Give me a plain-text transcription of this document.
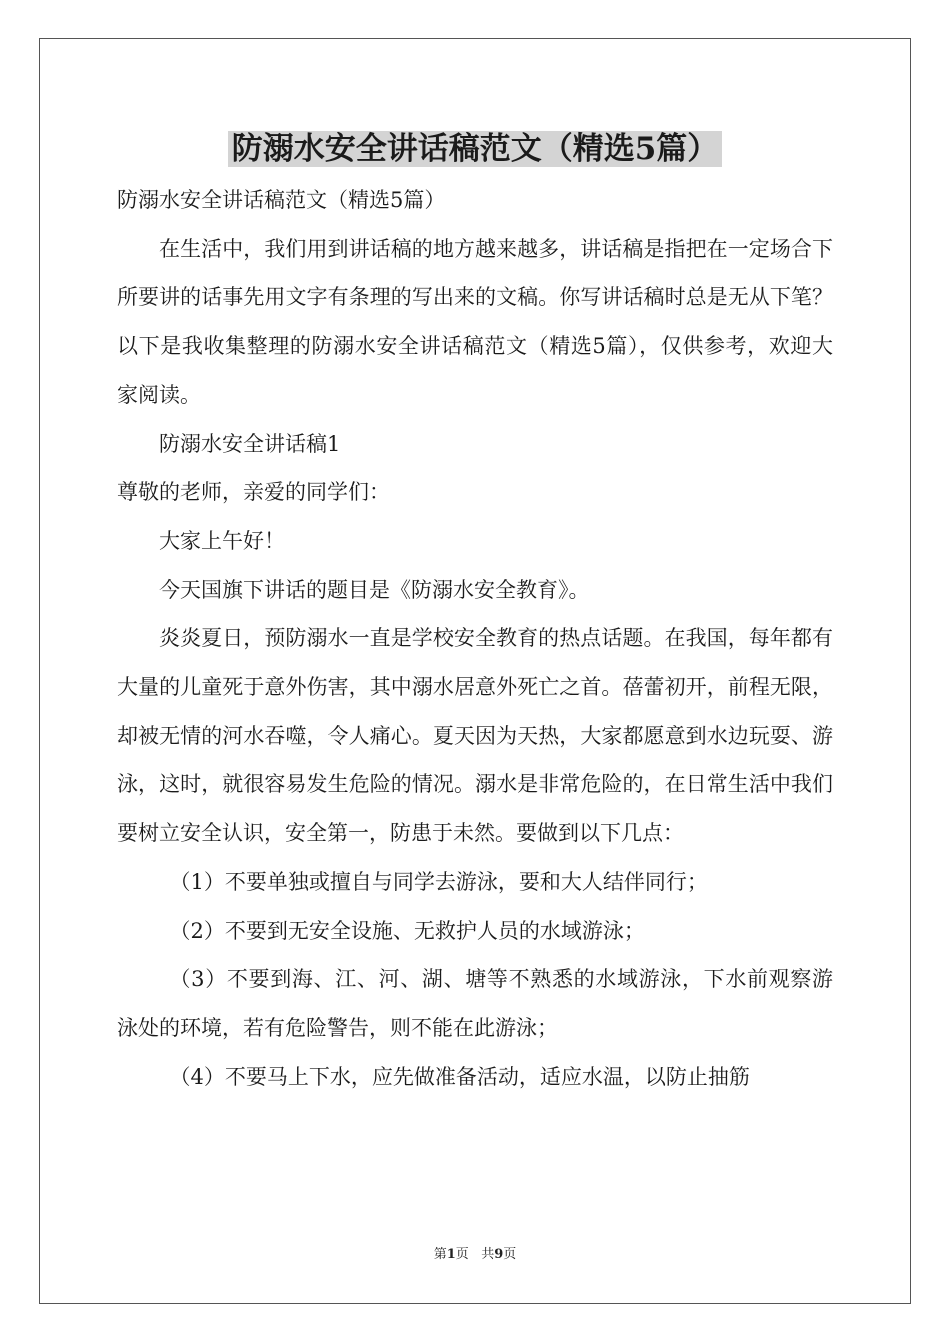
防溺水安全讲话稿范文（精选5篇）

防溺水安全讲话稿范文（精选5篇）

在生活中，我们用到讲话稿的地方越来越多，讲话稿是指把在一定场合下所要讲的话事先用文字有条理的写出来的文稿。你写讲话稿时总是无从下笔？以下是我收集整理的防溺水安全讲话稿范文（精选5篇），仅供参考，欢迎大家阅读。

防溺水安全讲话稿1

尊敬的老师，亲爱的同学们：

大家上午好！

今天国旗下讲话的题目是《防溺水安全教育》。

炎炎夏日，预防溺水一直是学校安全教育的热点话题。在我国，每年都有大量的儿童死于意外伤害，其中溺水居意外死亡之首。蓓蕾初开，前程无限，却被无情的河水吞噬，令人痛心。夏天因为天热，大家都愿意到水边玩耍、游泳，这时，就很容易发生危险的情况。溺水是非常危险的，在日常生活中我们要树立安全认识，安全第一，防患于未然。要做到以下几点：

（1）不要单独或擅自与同学去游泳，要和大人结伴同行；

（2）不要到无安全设施、无救护人员的水域游泳；

（3）不要到海、江、河、湖、塘等不熟悉的水域游泳，下水前观察游泳处的环境，若有危险警告，则不能在此游泳；

（4）不要马上下水，应先做准备活动，适应水温，以防止抽筋

第1页 共9页
